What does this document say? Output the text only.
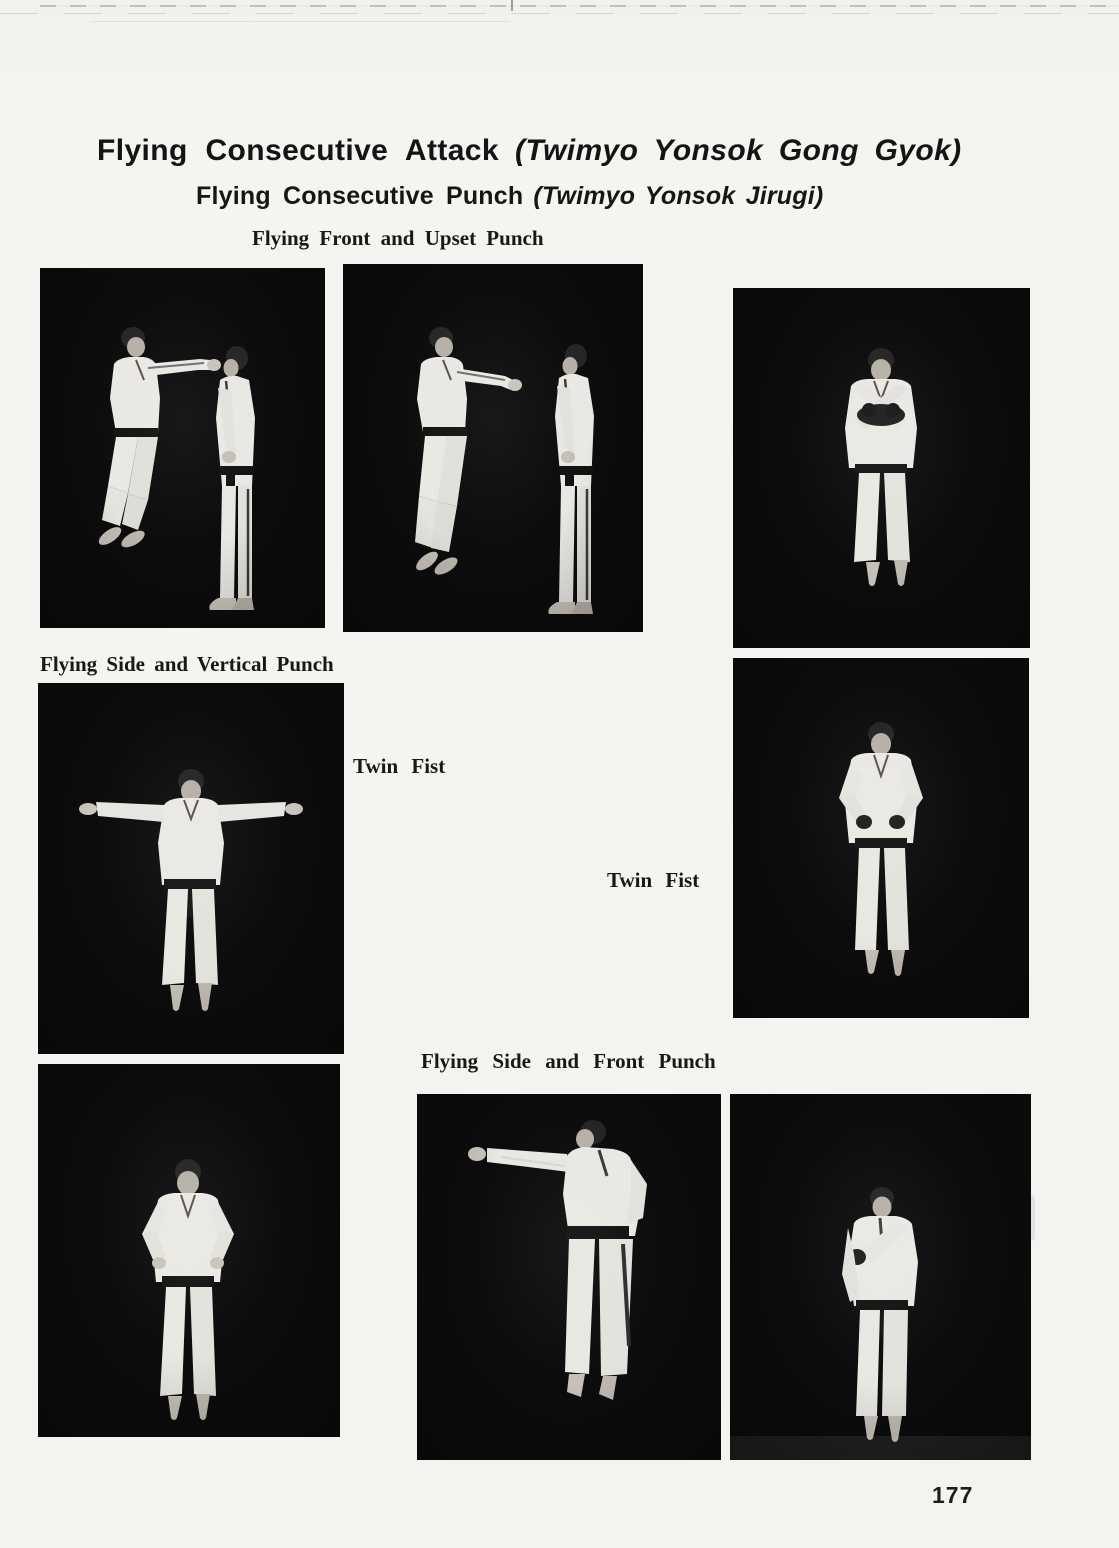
Flying Consecutive Attack (Twimyo Yonsok Gong Gyok)
Flying Consecutive Punch (Twimyo Yonsok Jirugi)
Flying Front and Upset Punch
Flying Side and Vertical Punch
Twin Fist
Twin Fist
Flying Side and Front Punch
177
